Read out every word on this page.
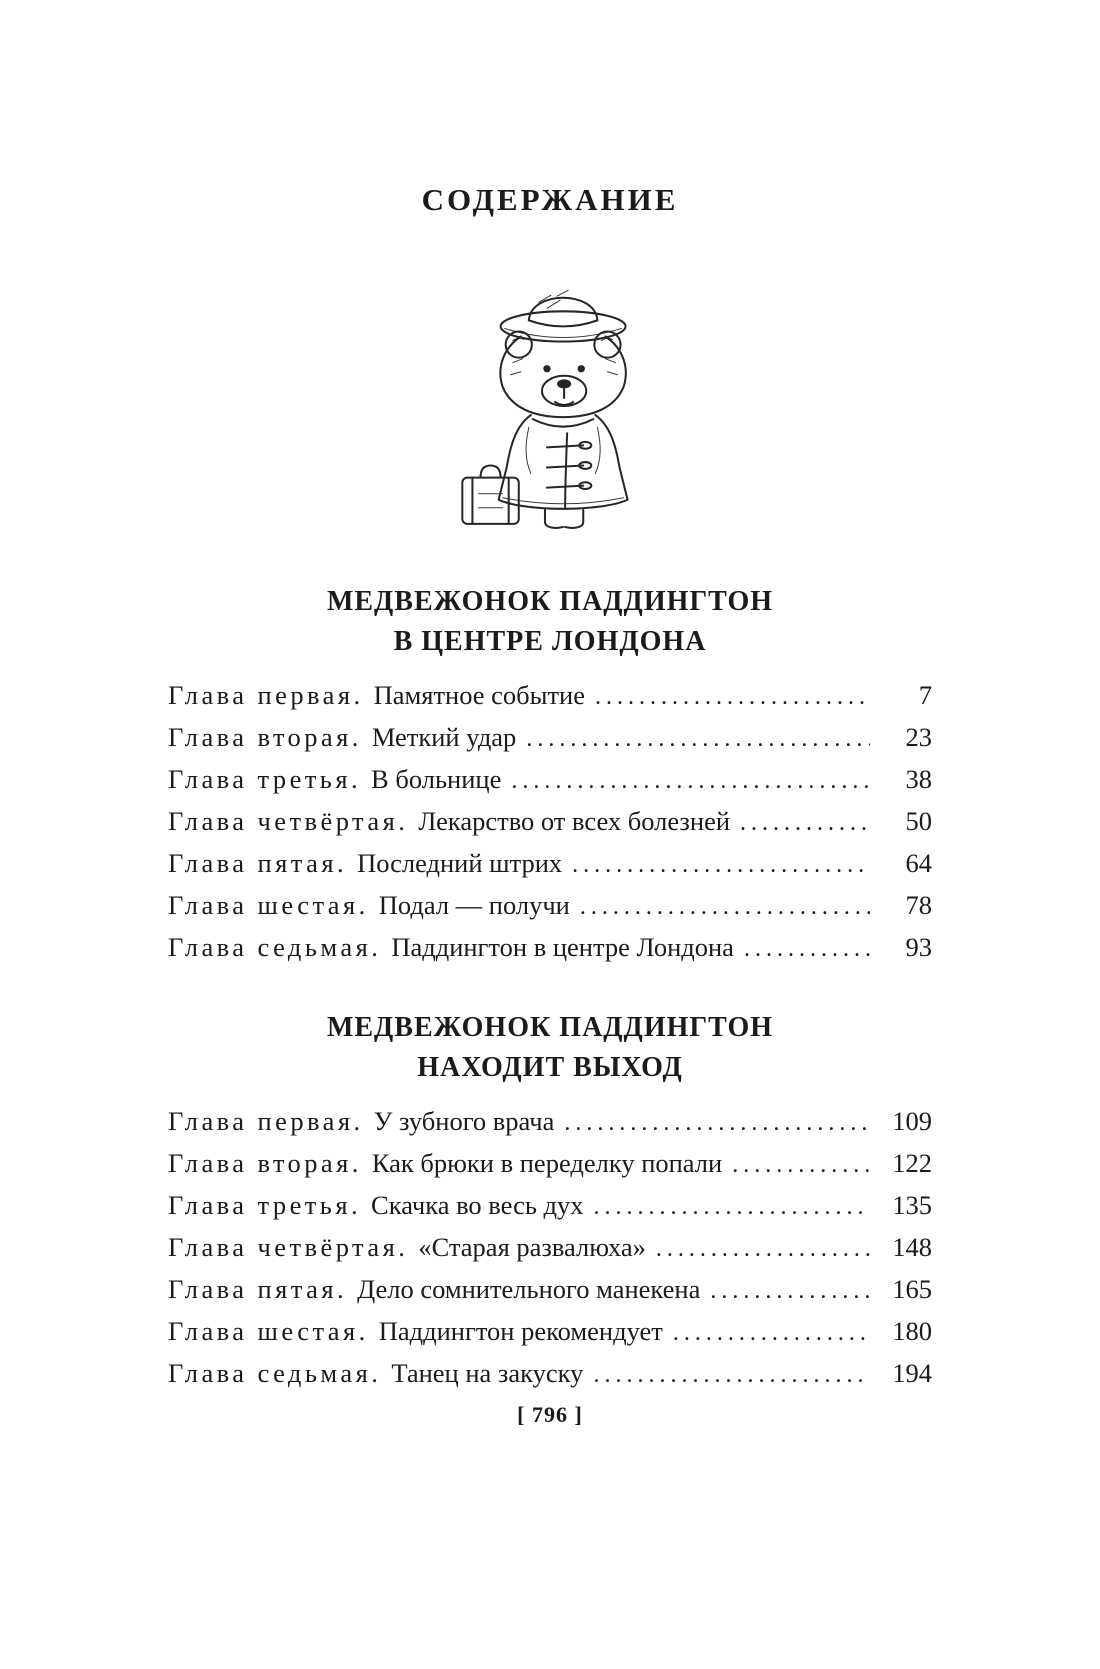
СОДЕРЖАНИЕ
МЕДВЕЖОНОК ПАДДИНГТОН
В ЦЕНТРЕ ЛОНДОНА
Глава первая. Памятное событие .....	7
Глава вторая. Меткий удар .....	23
Глава третья. В больнице .....	38
Глава четвёртая. Лекарство от всех болезней .....	50
Глава пятая. Последний штрих .....	64
Глава шестая. Подал — получи .....	78
Глава седьмая. Паддингтон в центре Лондона .....	93
МЕДВЕЖОНОК ПАДДИНГТОН
НАХОДИТ ВЫХОД
Глава первая. У зубного врача .....	109
Глава вторая. Как брюки в переделку попали .....	122
Глава третья. Скачка во весь дух .....	135
Глава четвёртая. «Старая развалюха» .....	148
Глава пятая. Дело сомнительного манекена .....	165
Глава шестая. Паддингтон рекомендует .....	180
Глава седьмая. Танец на закуску .....	194
[ 796 ]
